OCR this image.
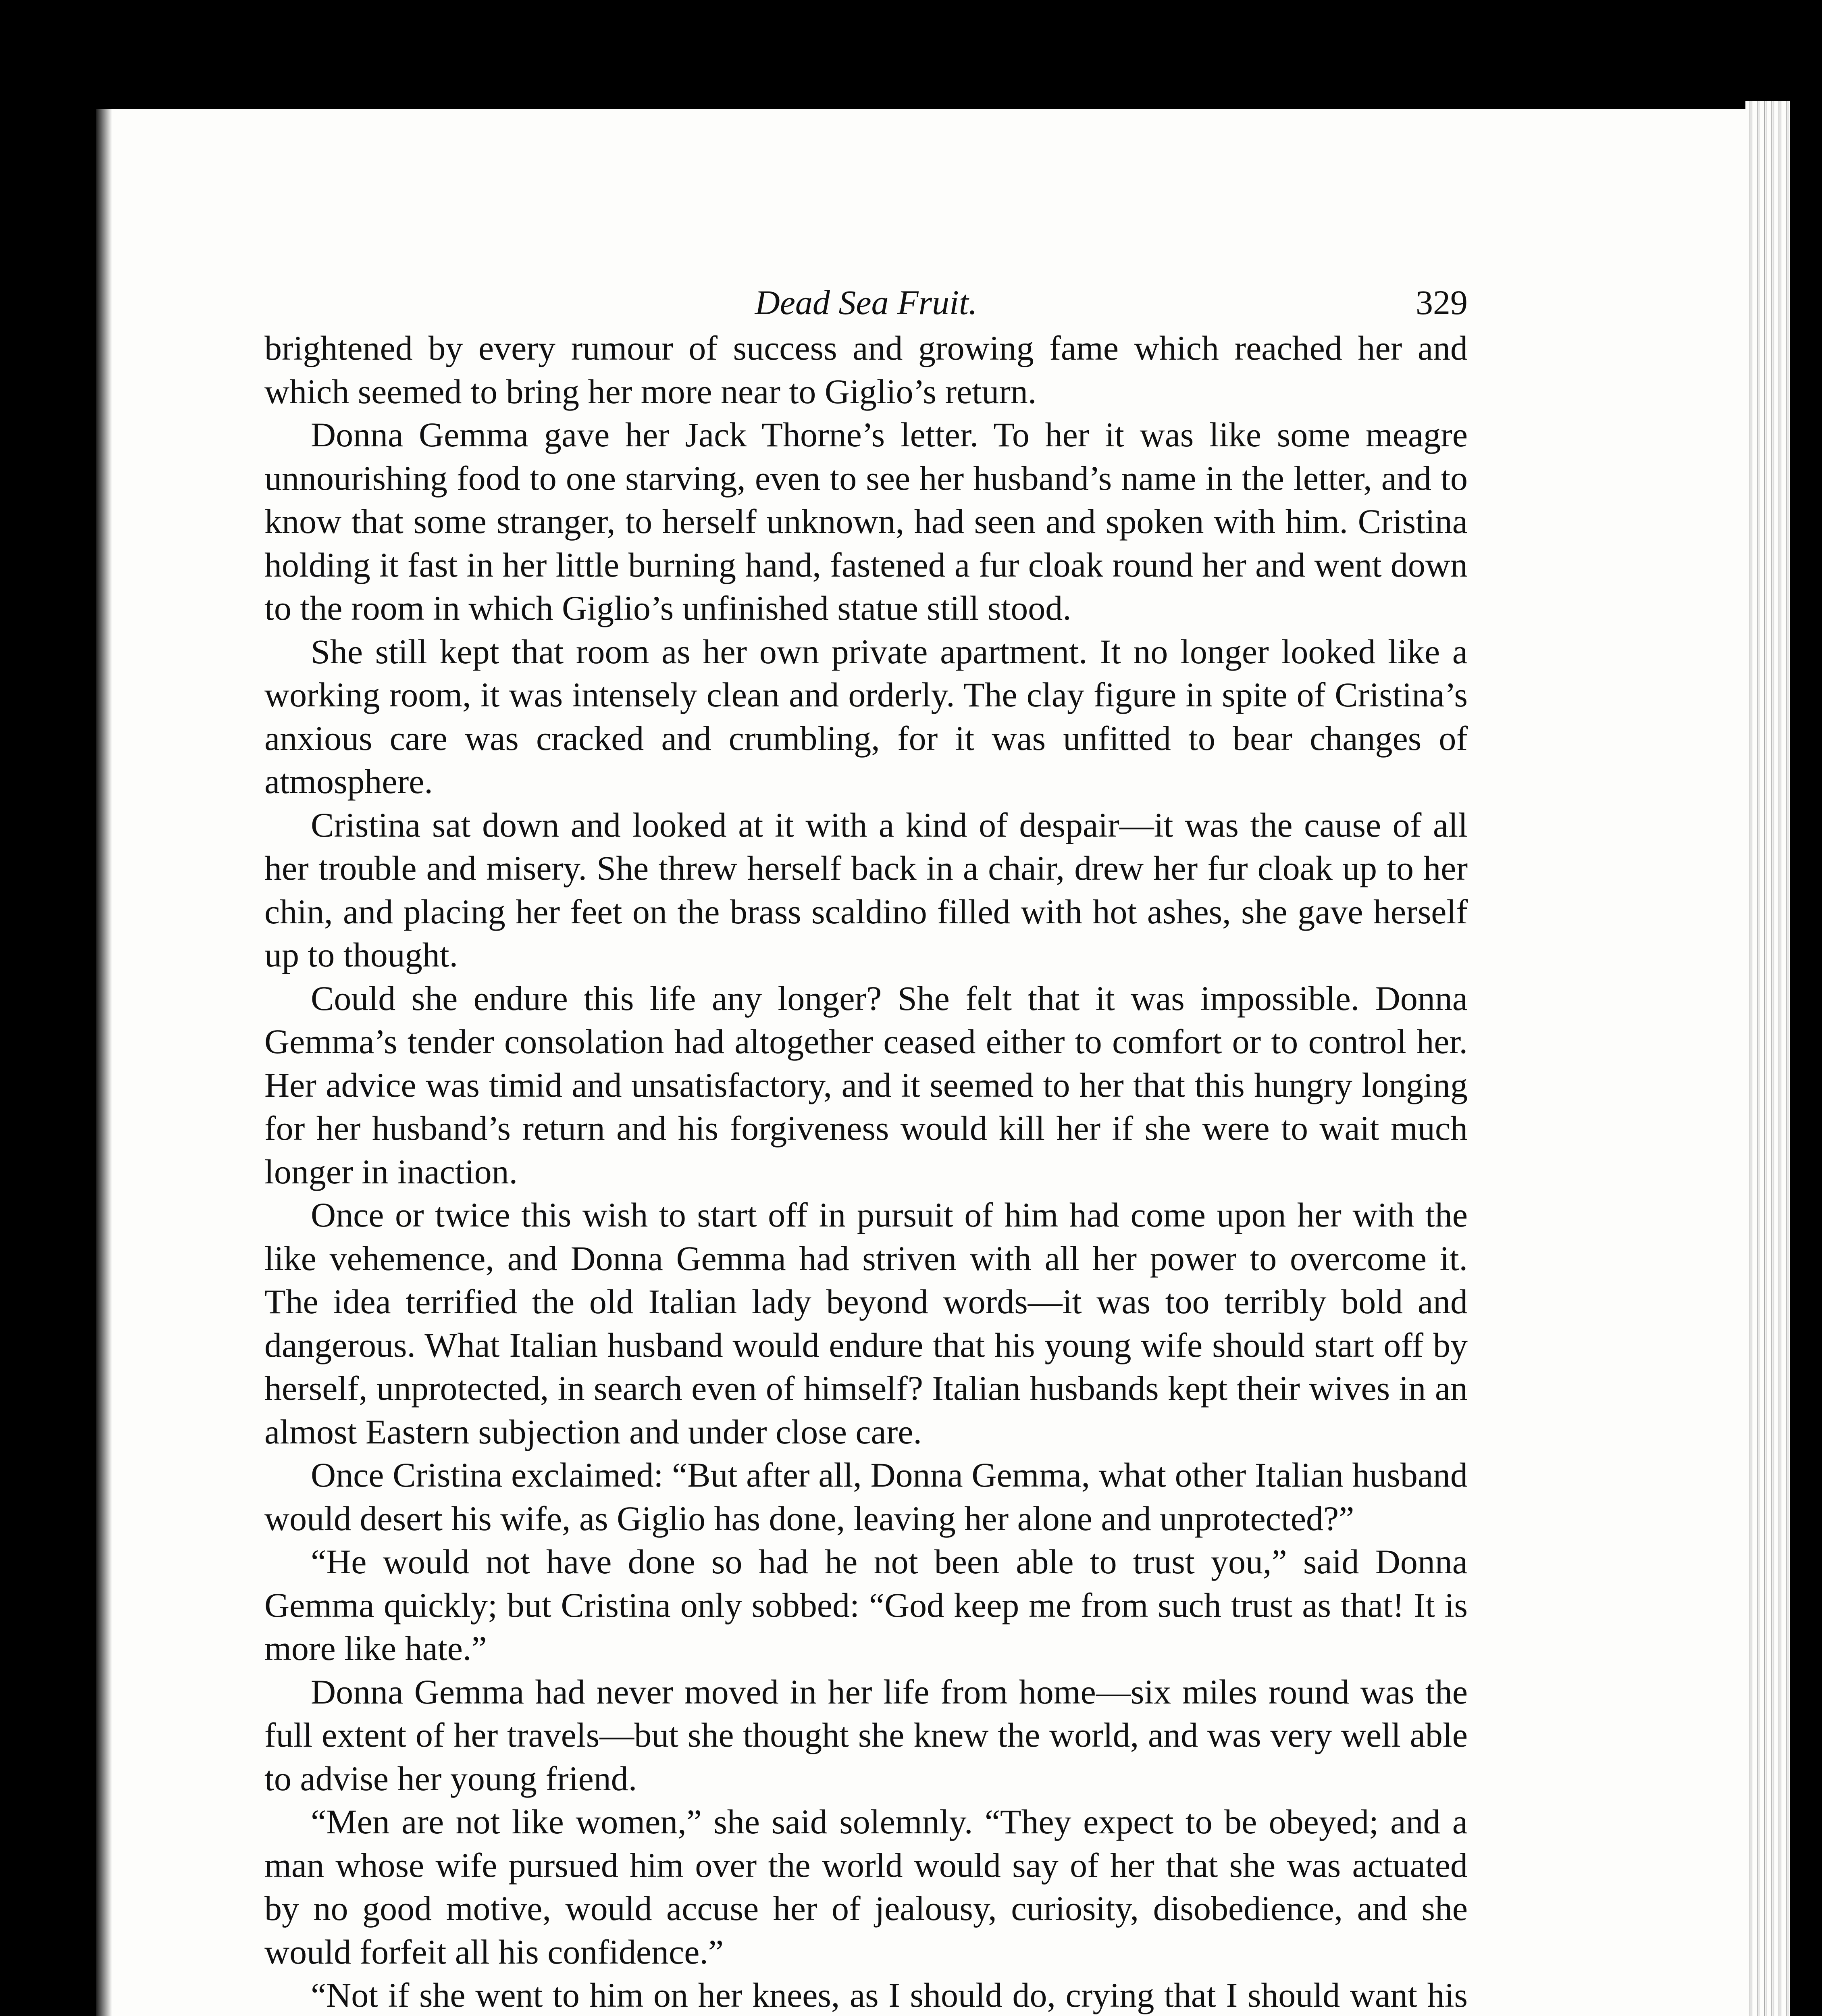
Dead Sea Fruit.	329

brightened by every rumour of success and growing fame which reached her and which seemed to bring her more near to Giglio’s return.

Donna Gemma gave her Jack Thorne’s letter. To her it was like some meagre unnourishing food to one starving, even to see her husband’s name in the letter, and to know that some stranger, to herself unknown, had seen and spoken with him. Cristina holding it fast in her little burning hand, fastened a fur cloak round her and went down to the room in which Giglio’s unfinished statue still stood.

She still kept that room as her own private apartment. It no longer looked like a working room, it was intensely clean and orderly. The clay figure in spite of Cristina’s anxious care was cracked and crumbling, for it was unfitted to bear changes of atmosphere.

Cristina sat down and looked at it with a kind of despair—it was the cause of all her trouble and misery. She threw herself back in a chair, drew her fur cloak up to her chin, and placing her feet on the brass scaldino filled with hot ashes, she gave herself up to thought.

Could she endure this life any longer? She felt that it was impossible. Donna Gemma’s tender consolation had altogether ceased either to comfort or to control her. Her advice was timid and unsatisfactory, and it seemed to her that this hungry longing for her husband’s return and his forgiveness would kill her if she were to wait much longer in inaction.

Once or twice this wish to start off in pursuit of him had come upon her with the like vehemence, and Donna Gemma had striven with all her power to overcome it. The idea terrified the old Italian lady beyond words—it was too terribly bold and dangerous. What Italian husband would endure that his young wife should start off by herself, unprotected, in search even of himself? Italian husbands kept their wives in an almost Eastern subjection and under close care.

Once Cristina exclaimed: “But after all, Donna Gemma, what other Italian husband would desert his wife, as Giglio has done, leaving her alone and unprotected?”

“He would not have done so had he not been able to trust you,” said Donna Gemma quickly; but Cristina only sobbed: “God keep me from such trust as that! It is more like hate.”

Donna Gemma had never moved in her life from home—six miles round was the full extent of her travels—but she thought she knew the world, and was very well able to advise her young friend.

“Men are not like women,” she said solemnly. “They expect to be obeyed; and a man whose wife pursued him over the world would say of her that she was actuated by no good motive, would accuse her of jealousy, curiosity, disobedience, and she would forfeit all his confidence.”

“Not if she went to him on her knees, as I should do, crying that I should want his
